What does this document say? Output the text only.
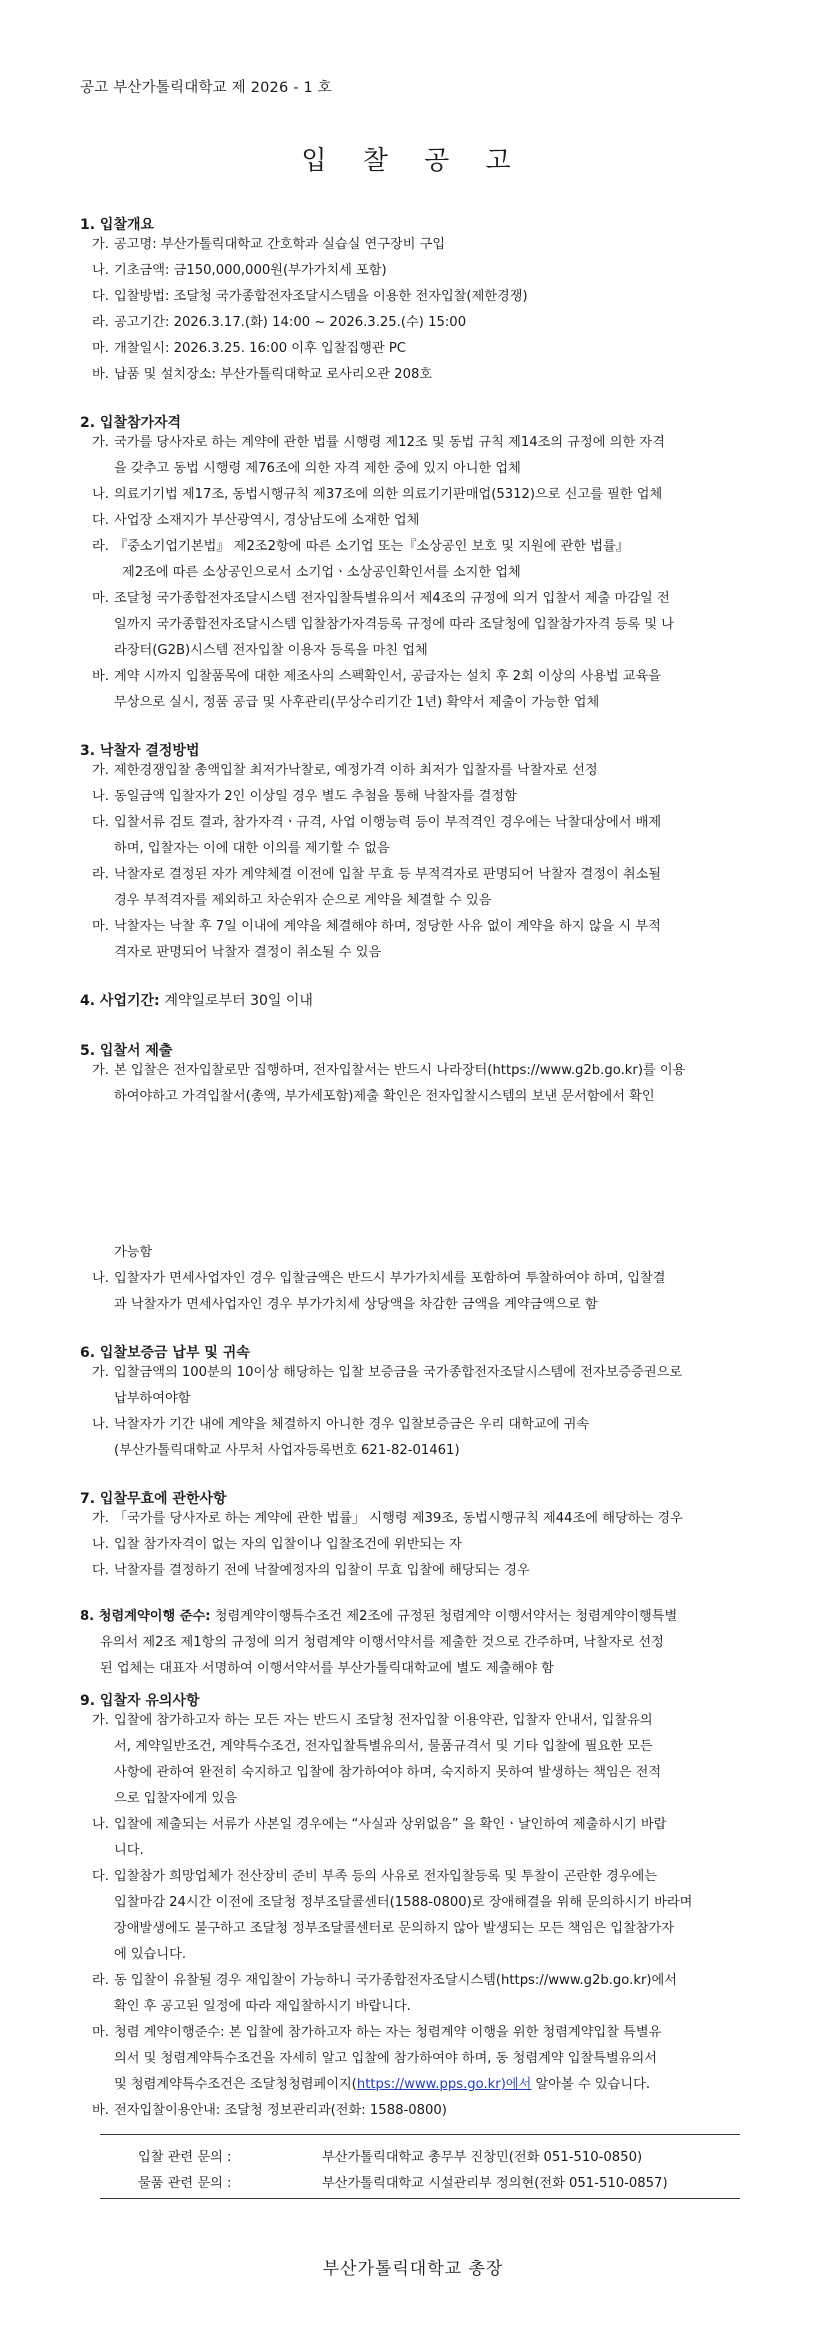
공고 부산가톨릭대학교 제 2026 - 1 호
입 찰 공 고
1. 입찰개요
가. 공고명: 부산가톨릭대학교 간호학과 실습실 연구장비 구입
나. 기초금액: 금150,000,000원(부가가치세 포함)
다. 입찰방법: 조달청 국가종합전자조달시스템을 이용한 전자입찰(제한경쟁)
라. 공고기간: 2026.3.17.(화) 14:00 ~ 2026.3.25.(수) 15:00
마. 개찰일시: 2026.3.25. 16:00 이후 입찰집행관 PC
바. 납품 및 설치장소: 부산가톨릭대학교 로사리오관 208호
2. 입찰참가자격
가. 국가를 당사자로 하는 계약에 관한 법률 시행령 제12조 및 동법 규칙 제14조의 규정에 의한 자격
을 갖추고 동법 시행령 제76조에 의한 자격 제한 중에 있지 아니한 업체
나. 의료기기법 제17조, 동법시행규칙 제37조에 의한 의료기기판매업(5312)으로 신고를 필한 업체
다. 사업장 소재지가 부산광역시, 경상남도에 소재한 업체
라. 『중소기업기본법』 제2조2항에 따른 소기업 또는『소상공인 보호 및 지원에 관한 법률』
제2조에 따른 소상공인으로서 소기업ㆍ소상공인확인서를 소지한 업체
마. 조달청 국가종합전자조달시스템 전자입찰특별유의서 제4조의 규정에 의거 입찰서 제출 마감일 전
일까지 국가종합전자조달시스템 입찰참가자격등록 규정에 따라 조달청에 입찰참가자격 등록 및 나
라장터(G2B)시스템 전자입찰 이용자 등록을 마친 업체
바. 계약 시까지 입찰품목에 대한 제조사의 스펙확인서, 공급자는 설치 후 2회 이상의 사용법 교육을
무상으로 실시, 정품 공급 및 사후관리(무상수리기간 1년) 확약서 제출이 가능한 업체
3. 낙찰자 결정방법
가. 제한경쟁입찰 총액입찰 최저가낙찰로, 예정가격 이하 최저가 입찰자를 낙찰자로 선정
나. 동일금액 입찰자가 2인 이상일 경우 별도 추첨을 통해 낙찰자를 결정함
다. 입찰서류 검토 결과, 참가자격ㆍ규격, 사업 이행능력 등이 부적격인 경우에는 낙찰대상에서 배제
하며, 입찰자는 이에 대한 이의를 제기할 수 없음
라. 낙찰자로 결정된 자가 계약체결 이전에 입찰 무효 등 부적격자로 판명되어 낙찰자 결정이 취소될
경우 부적격자를 제외하고 차순위자 순으로 계약을 체결할 수 있음
마. 낙찰자는 낙찰 후 7일 이내에 계약을 체결해야 하며, 정당한 사유 없이 계약을 하지 않을 시 부적
격자로 판명되어 낙찰자 결정이 취소될 수 있음
4. 사업기간: 계약일로부터 30일 이내
5. 입찰서 제출
가. 본 입찰은 전자입찰로만 집행하며, 전자입찰서는 반드시 나라장터(https://www.g2b.go.kr)를 이용
하여야하고 가격입찰서(총액, 부가세포함)제출 확인은 전자입찰시스템의 보낸 문서함에서 확인
가능함
나. 입찰자가 면세사업자인 경우 입찰금액은 반드시 부가가치세를 포함하여 투찰하여야 하며, 입찰결
과 낙찰자가 면세사업자인 경우 부가가치세 상당액을 차감한 금액을 계약금액으로 함
6. 입찰보증금 납부 및 귀속
가. 입찰금액의 100분의 10이상 해당하는 입찰 보증금을 국가종합전자조달시스템에 전자보증증권으로
납부하여야함
나. 낙찰자가 기간 내에 계약을 체결하지 아니한 경우 입찰보증금은 우리 대학교에 귀속
(부산가톨릭대학교 사무처 사업자등록번호 621-82-01461)
7. 입찰무효에 관한사항
가. 「국가를 당사자로 하는 계약에 관한 법률」 시행령 제39조, 동법시행규칙 제44조에 해당하는 경우
나. 입찰 참가자격이 없는 자의 입찰이나 입찰조건에 위반되는 자
다. 낙찰자를 결정하기 전에 낙찰예정자의 입찰이 무효 입찰에 해당되는 경우
8. 청렴계약이행 준수: 청렴계약이행특수조건 제2조에 규정된 청렴계약 이행서약서는 청렴계약이행특별
유의서 제2조 제1항의 규정에 의거 청렴계약 이행서약서를 제출한 것으로 간주하며, 낙찰자로 선정
된 업체는 대표자 서명하여 이행서약서를 부산가톨릭대학교에 별도 제출해야 함
9. 입찰자 유의사항
가. 입찰에 참가하고자 하는 모든 자는 반드시 조달청 전자입찰 이용약관, 입찰자 안내서, 입찰유의
서, 계약일반조건, 계약특수조건, 전자입찰특별유의서, 물품규격서 및 기타 입찰에 필요한 모든
사항에 관하여 완전히 숙지하고 입찰에 참가하여야 하며, 숙지하지 못하여 발생하는 책임은 전적
으로 입찰자에게 있음
나. 입찰에 제출되는 서류가 사본일 경우에는 “사실과 상위없음” 을 확인ㆍ날인하여 제출하시기 바랍
니다.
다. 입찰참가 희망업체가 전산장비 준비 부족 등의 사유로 전자입찰등록 및 투찰이 곤란한 경우에는
입찰마감 24시간 이전에 조달청 정부조달콜센터(1588-0800)로 장애해결을 위해 문의하시기 바라며
장애발생에도 불구하고 조달청 정부조달콜센터로 문의하지 않아 발생되는 모든 책임은 입찰참가자
에 있습니다.
라. 동 입찰이 유찰될 경우 재입찰이 가능하니 국가종합전자조달시스템(https://www.g2b.go.kr)에서
확인 후 공고된 일정에 따라 재입찰하시기 바랍니다.
마. 청렴 계약이행준수: 본 입찰에 참가하고자 하는 자는 청렴계약 이행을 위한 청렴계약입찰 특별유
의서 및 청렴계약특수조건을 자세히 알고 입찰에 참가하여야 하며, 동 청렴계약 입찰특별유의서
및 청렴계약특수조건은 조달청청렴페이지(https://www.pps.go.kr)에서 알아볼 수 있습니다.
바. 전자입찰이용안내: 조달청 정보관리과(전화: 1588-0800)
입찰 관련 문의 :	부산가톨릭대학교 총무부 진창민(전화 051-510-0850)
물품 관련 문의 :	부산가톨릭대학교 시설관리부 정의현(전화 051-510-0857)
부산가톨릭대학교 총장
